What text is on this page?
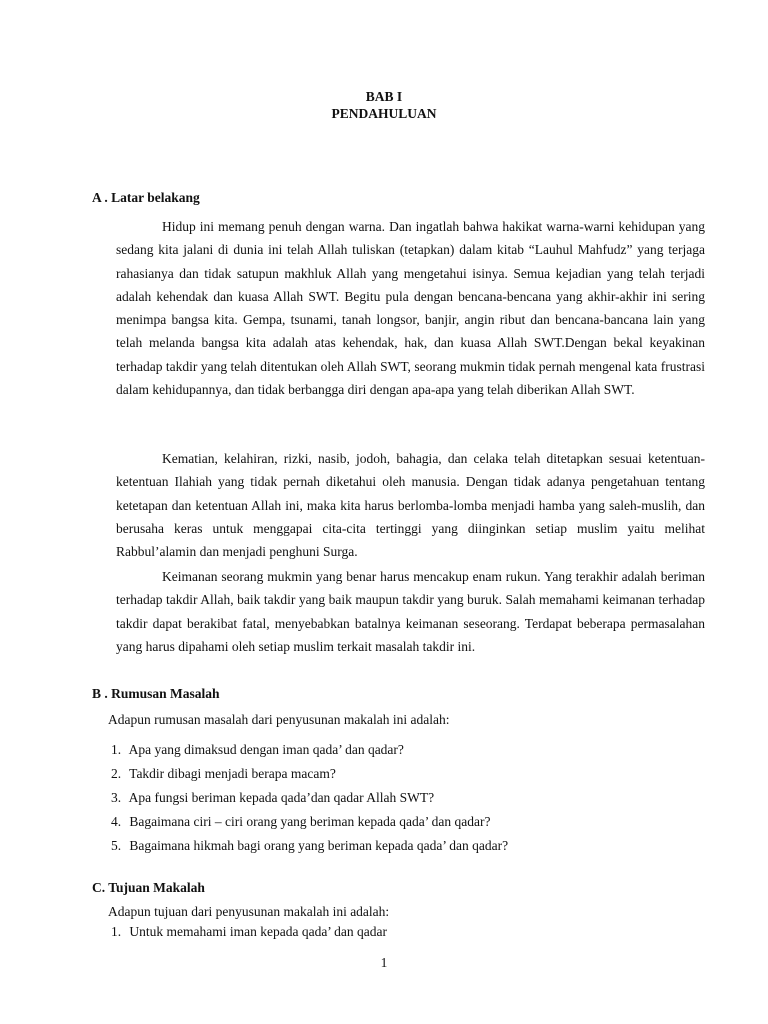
BAB I
PENDAHULUAN
A . Latar belakang

Hidup ini memang penuh dengan warna. Dan ingatlah bahwa hakikat warna-warni kehidupan yang sedang kita jalani di dunia ini telah Allah tuliskan (tetapkan) dalam kitab “Lauhul Mahfudz” yang terjaga rahasianya dan tidak satupun makhluk Allah yang mengetahui isinya. Semua kejadian yang telah terjadi adalah kehendak dan kuasa Allah SWT. Begitu pula dengan bencana-bencana yang akhir-akhir ini sering menimpa bangsa kita. Gempa, tsunami, tanah longsor, banjir, angin ribut dan bencana-bancana lain yang telah melanda bangsa kita adalah atas kehendak, hak, dan kuasa Allah SWT.Dengan bekal keyakinan terhadap takdir yang telah ditentukan oleh Allah SWT, seorang mukmin tidak pernah mengenal kata frustrasi dalam kehidupannya, dan tidak berbangga diri dengan apa-apa yang telah diberikan Allah SWT.

Kematian, kelahiran, rizki, nasib, jodoh, bahagia, dan celaka telah ditetapkan sesuai ketentuan-ketentuan Ilahiah yang tidak pernah diketahui oleh manusia. Dengan tidak adanya pengetahuan tentang ketetapan dan ketentuan Allah ini, maka kita harus berlomba-lomba menjadi hamba yang saleh-muslih, dan berusaha keras untuk menggapai cita-cita tertinggi yang diinginkan setiap muslim yaitu melihat Rabbul’alamin dan menjadi penghuni Surga.

Keimanan seorang mukmin yang benar harus mencakup enam rukun. Yang terakhir adalah beriman terhadap takdir Allah, baik takdir yang baik maupun takdir yang buruk. Salah memahami keimanan terhadap takdir dapat berakibat fatal, menyebabkan batalnya keimanan seseorang. Terdapat beberapa permasalahan yang harus dipahami oleh setiap muslim terkait masalah takdir ini.

B . Rumusan Masalah
Adapun rumusan masalah dari penyusunan makalah ini adalah:
1. Apa yang dimaksud dengan iman qada’ dan qadar?
2. Takdir dibagi menjadi berapa macam?
3. Apa fungsi beriman kepada qada’dan qadar Allah SWT?
4. Bagaimana ciri – ciri orang yang beriman kepada qada’ dan qadar?
5. Bagaimana hikmah bagi orang yang beriman kepada qada’ dan qadar?
C. Tujuan Makalah
Adapun tujuan dari penyusunan makalah ini adalah:
1. Untuk memahami iman kepada qada’ dan qadar
1
